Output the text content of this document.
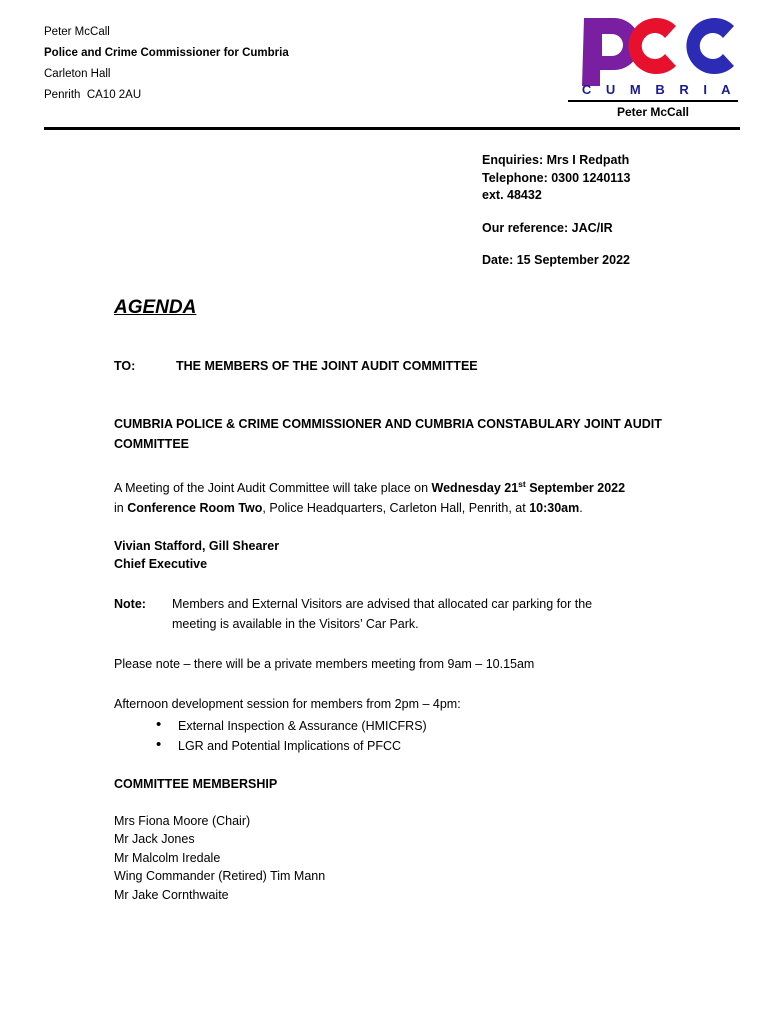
Peter McCall
Police and Crime Commissioner for Cumbria
Carleton Hall
Penrith  CA10 2AU	C U M B R I A
Peter McCall
Enquiries: Mrs I Redpath
Telephone: 0300 1240113
ext. 48432
Our reference: JAC/IR
Date: 15 September 2022
AGENDA
TO:	THE MEMBERS OF THE JOINT AUDIT COMMITTEE
CUMBRIA POLICE & CRIME COMMISSIONER AND CUMBRIA CONSTABULARY JOINT AUDIT COMMITTEE
A Meeting of the Joint Audit Committee will take place on Wednesday 21st September 2022
in Conference Room Two, Police Headquarters, Carleton Hall, Penrith, at 10:30am.
Vivian Stafford, Gill Shearer
Chief Executive
Note:	Members and External Visitors are advised that allocated car parking for the
meeting is available in the Visitors’ Car Park.
Please note – there will be a private members meeting from 9am – 10.15am
Afternoon development session for members from 2pm – 4pm:
• External Inspection & Assurance (HMICFRS)
• LGR and Potential Implications of PFCC
COMMITTEE MEMBERSHIP
Mrs Fiona Moore (Chair)
Mr Jack Jones
Mr Malcolm Iredale
Wing Commander (Retired) Tim Mann
Mr Jake Cornthwaite
